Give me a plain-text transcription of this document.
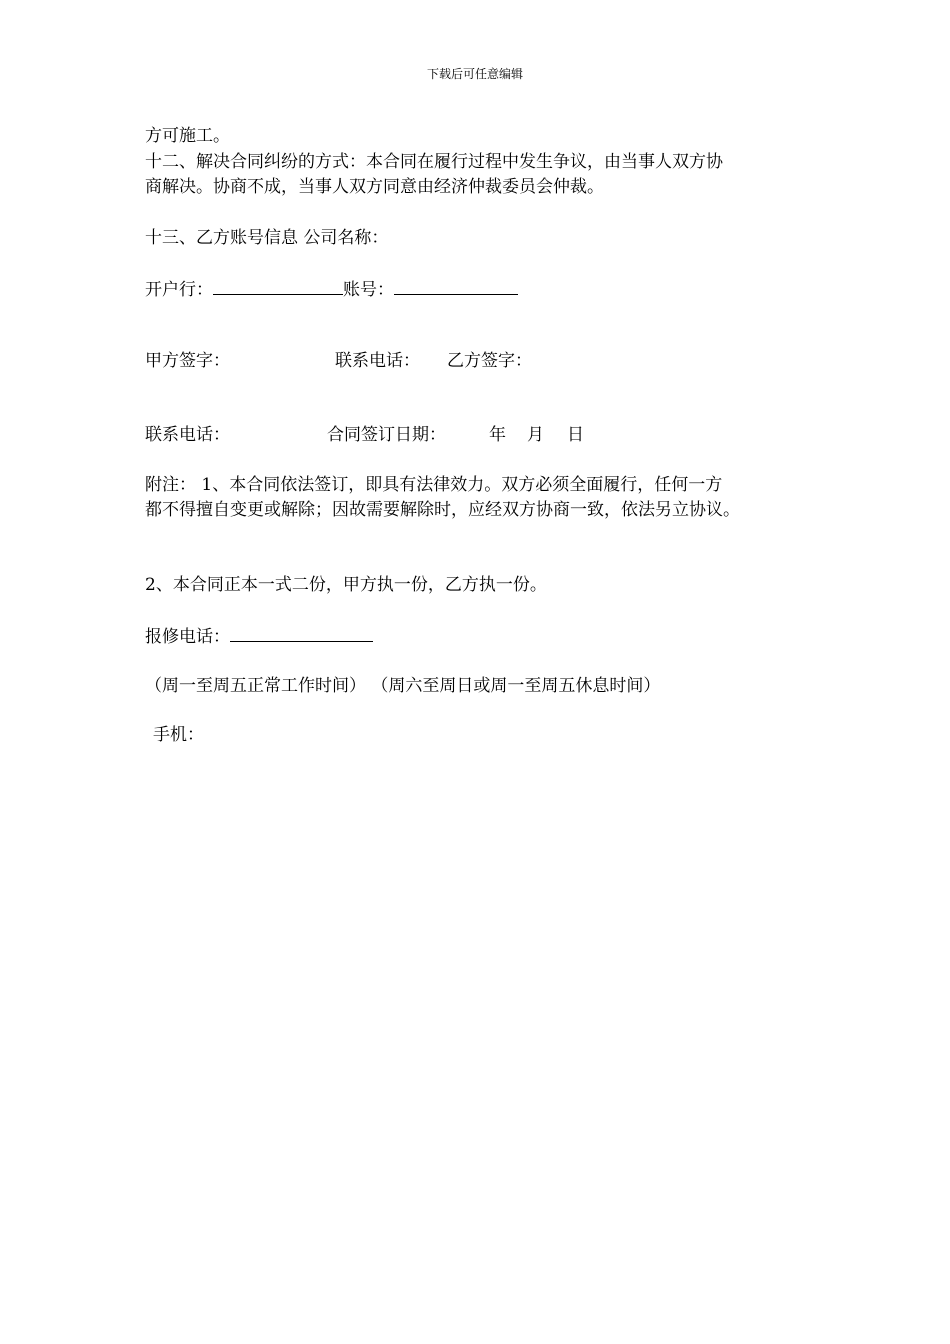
下载后可任意编辑
方可施工。
十二、解决合同纠纷的方式：本合同在履行过程中发生争议，由当事人双方协
商解决。协商不成，当事人双方同意由经济仲裁委员会仲裁。
十三、乙方账号信息 公司名称：
开户行：	账号：
甲方签字：	联系电话： 乙方签字：
联系电话：	合同签订日期：	年 月 日
附注： 1、本合同依法签订，即具有法律效力。双方必须全面履行，任何一方
都不得擅自变更或解除；因故需要解除时，应经双方协商一致，依法另立协议。
2、本合同正本一式二份，甲方执一份，乙方执一份。
报修电话：
（周一至周五正常工作时间） （周六至周日或周一至周五休息时间）
手机：
